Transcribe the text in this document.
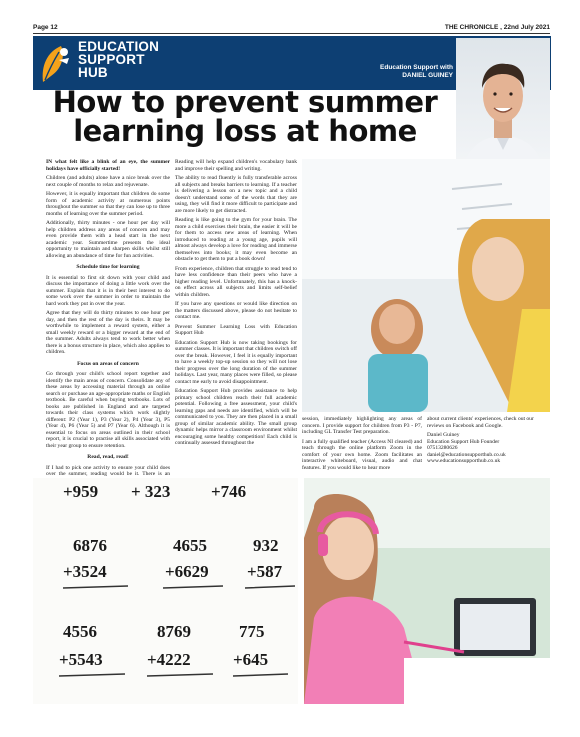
Page 12	THE CHRONICLE , 22nd July 2021
EDUCATION
SUPPORT
HUB	Education Support with
DANIEL GUINEY
How to prevent summer
learning loss at home

IN what felt like a blink of an eye, the summer holidays have officially started!

Children (and adults) alone have a nice break over the next couple of months to relax and rejuvenate.

However, it is equally important that children do some form of academic activity at numerous points throughout the summer so that they can lose up to three months of learning over the summer period.

Additionally, thirty minutes - one hour per day will help children address any areas of concern and may even provide them with a head start in the next academic year. Summertime presents the ideal opportunity to maintain and sharpen skills whilst still allowing an abundance of time for fun activities.

Schedule time for learning

It is essential to first sit down with your child and discuss the importance of doing a little work over the summer. Explain that it is in their best interest to do some work over the summer in order to maintain the hard work they put in over the year.

Agree that they will do thirty minutes to one hour per day, and then the rest of the day is theirs. It may be worthwhile to implement a reward system, either a small weekly reward or a bigger reward at the end of the summer. Adults always tend to work better when there is a bonus structure in place, which also applies to children.

Focus on areas of concern

Go through your child's school report together and identify the main areas of concern. Consolidate any of these areas by accessing material through an online search or purchase an age-appropriate maths or English textbook. Be careful when buying textbooks. Lots of books are published in England and are targeted towards their class systems which work slightly different: P2 (Year 1), P3 (Year 2), P4 (Year 3), P5 (Year 4), P6 (Year 5) and P7 (Year 6). Although it is essential to focus on areas outlined in their school report, it is crucial to practise all skills associated with their year group to ensure retention.

Read, read, read!

If I had to pick one activity to ensure your child does over the summer, reading would be it. There is an

Reading will help expand children's vocabulary bank and improve their spelling and writing.

The ability to read fluently is fully transferable across all subjects and breaks barriers to learning. If a teacher is delivering a lesson on a new topic and a child doesn't understand some of the words that they are using, they will find it more difficult to participate and are more likely to get distracted.

Reading is like going to the gym for your brain. The more a child exercises their brain, the easier it will be for them to access new areas of learning. When introduced to reading at a young age, pupils will almost always develop a love for reading and immerse themselves into books; it may even become an obstacle to get them to put a book down!

From experience, children that struggle to read tend to have less confidence than their peers who have a higher reading level. Unfortunately, this has a knock-on effect across all subjects and limits self-belief within children.

If you have any questions or would like direction on the matters discussed above, please do not hesitate to contact me.

Prevent Summer Learning Loss with Education Support Hub

Education Support Hub is now taking bookings for summer classes. It is important that children switch off over the break. However, I feel it is equally important to have a weekly top-up session so they will not lose their progress over the long duration of the summer holidays. Last year, many places were filled, so please contact me early to avoid disappointment.

Education Support Hub provides assistance to help primary school children reach their full academic potential. Following a free assessment, your child's learning gaps and needs are identified, which will be communicated to you. They are then placed in a small group of similar academic ability. The small group dynamic helps mirror a classroom environment whilst encouraging some healthy competition! Each child is continually assessed throughout the

session, immediately highlighting any areas of concern. I provide support for children from P3 - P7, including GL Transfer Test preparation.

I am a fully qualified teacher (Access NI cleared) and teach through the online platform Zoom in the comfort of your own home. Zoom facilitates an interactive whiteboard, visual, audio and chat features. If you would like to hear more

about current clients' experiences, check out our reviews on Facebook and Google.

Daniel Guiney
Education Support Hub Founder
07513280626
daniel@educationsupporthub.co.uk
www.educationsupporthub.co.uk
+959 + 323 +746
6876	4655	932
+3524	+6629 +587
4556	8769	775
+5543	+4222 +645
